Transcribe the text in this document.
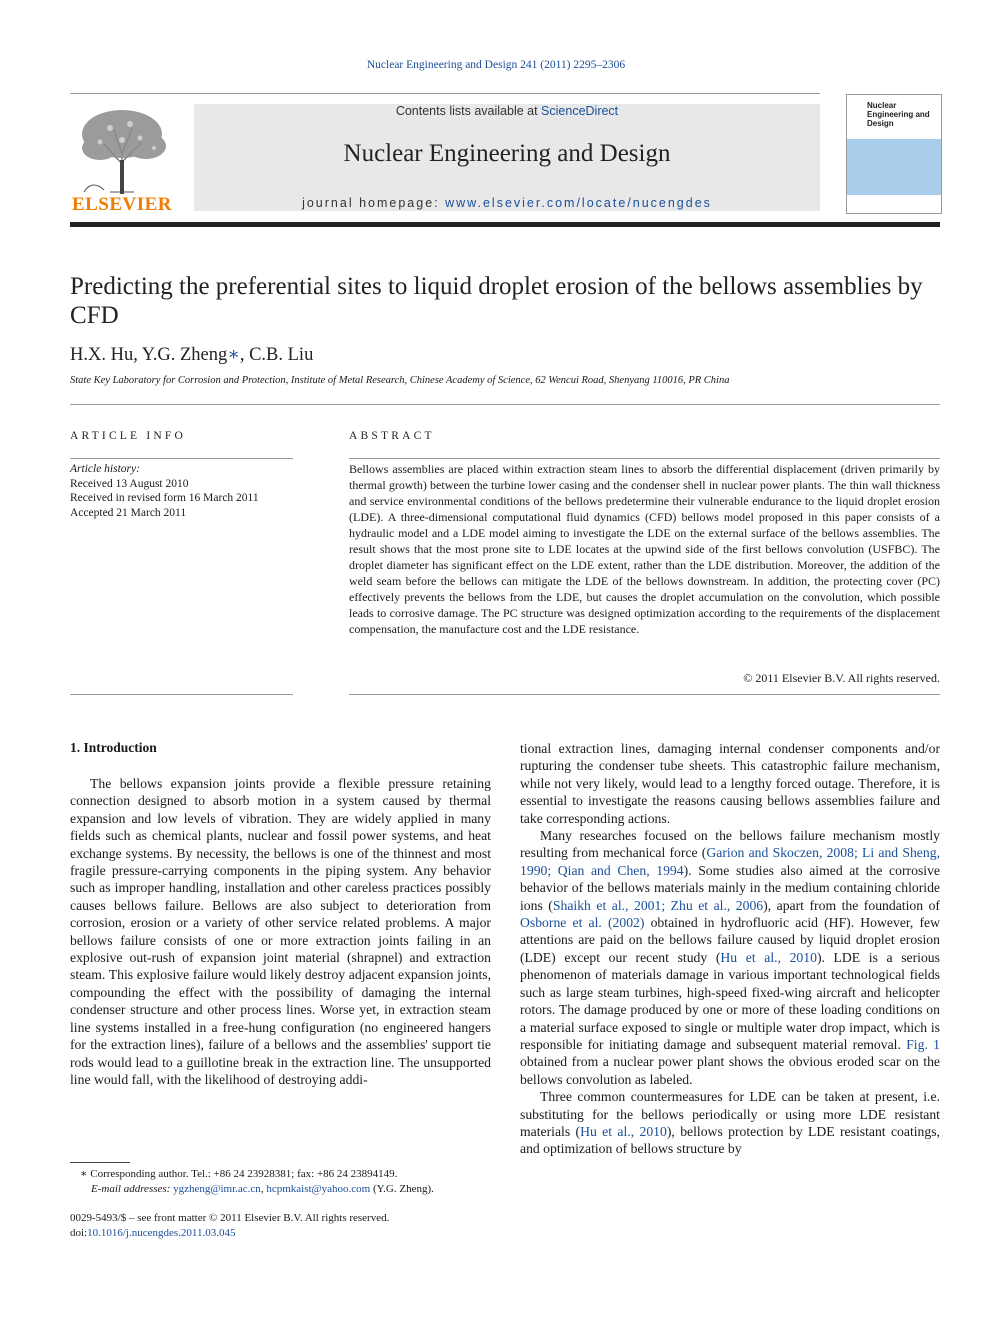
Nuclear Engineering and Design 241 (2011) 2295–2306
ELSEVIER
Contents lists available at ScienceDirect
Nuclear Engineering and Design
journal homepage: www.elsevier.com/locate/nucengdes
Nuclear Engineering and Design
Predicting the preferential sites to liquid droplet erosion of the bellows assemblies by CFD
H.X. Hu, Y.G. Zheng∗, C.B. Liu
State Key Laboratory for Corrosion and Protection, Institute of Metal Research, Chinese Academy of Science, 62 Wencui Road, Shenyang 110016, PR China
ARTICLE INFO
Article history:
Received 13 August 2010
Received in revised form 16 March 2011
Accepted 21 March 2011
ABSTRACT
Bellows assemblies are placed within extraction steam lines to absorb the differential displacement (driven primarily by thermal growth) between the turbine lower casing and the condenser shell in nuclear power plants. The thin wall thickness and service environmental conditions of the bellows predetermine their vulnerable endurance to the liquid droplet erosion (LDE). A three-dimensional computational fluid dynamics (CFD) bellows model proposed in this paper consists of a hydraulic model and a LDE model aiming to investigate the LDE on the external surface of the bellows assemblies. The result shows that the most prone site to LDE locates at the upwind side of the first bellows convolution (USFBC). The droplet diameter has significant effect on the LDE extent, rather than the LDE distribution. Moreover, the addition of the weld seam before the bellows can mitigate the LDE of the bellows downstream. In addition, the protecting cover (PC) effectively prevents the bellows from the LDE, but causes the droplet accumulation on the convolution, which possible leads to corrosive damage. The PC structure was designed optimization according to the requirements of the displacement compensation, the manufacture cost and the LDE resistance.
© 2011 Elsevier B.V. All rights reserved.
1. Introduction

The bellows expansion joints provide a flexible pressure retaining connection designed to absorb motion in a system caused by thermal expansion and low levels of vibration. They are widely applied in many fields such as chemical plants, nuclear and fossil power systems, and heat exchange systems. By necessity, the bellows is one of the thinnest and most fragile pressure-carrying components in the piping system. Any behavior such as improper handling, installation and other careless practices possibly causes bellows failure. Bellows are also subject to deterioration from corrosion, erosion or a variety of other service related problems. A major bellows failure consists of one or more extraction joints failing in an explosive out-rush of expansion joint material (shrapnel) and extraction steam. This explosive failure would likely destroy adjacent expansion joints, compounding the effect with the possibility of damaging the internal condenser structure and other process lines. Worse yet, in extraction steam line systems installed in a free-hung configuration (no engineered hangers for the extraction lines), failure of a bellows and the assemblies' support tie rods would lead to a guillotine break in the extraction line. The unsupported line would fall, with the likelihood of destroying addi-

tional extraction lines, damaging internal condenser components and/or rupturing the condenser tube sheets. This catastrophic failure mechanism, while not very likely, would lead to a lengthy forced outage. Therefore, it is essential to investigate the reasons causing bellows assemblies failure and take corresponding actions.

Many researches focused on the bellows failure mechanism mostly resulting from mechanical force (Garion and Skoczen, 2008; Li and Sheng, 1990; Qian and Chen, 1994). Some studies also aimed at the corrosive behavior of the bellows materials mainly in the medium containing chloride ions (Shaikh et al., 2001; Zhu et al., 2006), apart from the foundation of Osborne et al. (2002) obtained in hydrofluoric acid (HF). However, few attentions are paid on the bellows failure caused by liquid droplet erosion (LDE) except our recent study (Hu et al., 2010). LDE is a serious phenomenon of materials damage in various important technological fields such as large steam turbines, high-speed fixed-wing aircraft and helicopter rotors. The damage produced by one or more of these loading conditions on a material surface exposed to single or multiple water drop impact, which is responsible for initiating damage and subsequent material removal. Fig. 1 obtained from a nuclear power plant shows the obvious eroded scar on the bellows convolution as labeled.

Three common countermeasures for LDE can be taken at present, i.e. substituting for the bellows periodically or using more LDE resistant materials (Hu et al., 2010), bellows protection by LDE resistant coatings, and optimization of bellows structure by

∗ Corresponding author. Tel.: +86 24 23928381; fax: +86 24 23894149.
E-mail addresses: ygzheng@imr.ac.cn, hcpmkaist@yahoo.com (Y.G. Zheng).
0029-5493/$ – see front matter © 2011 Elsevier B.V. All rights reserved.
doi:10.1016/j.nucengdes.2011.03.045
